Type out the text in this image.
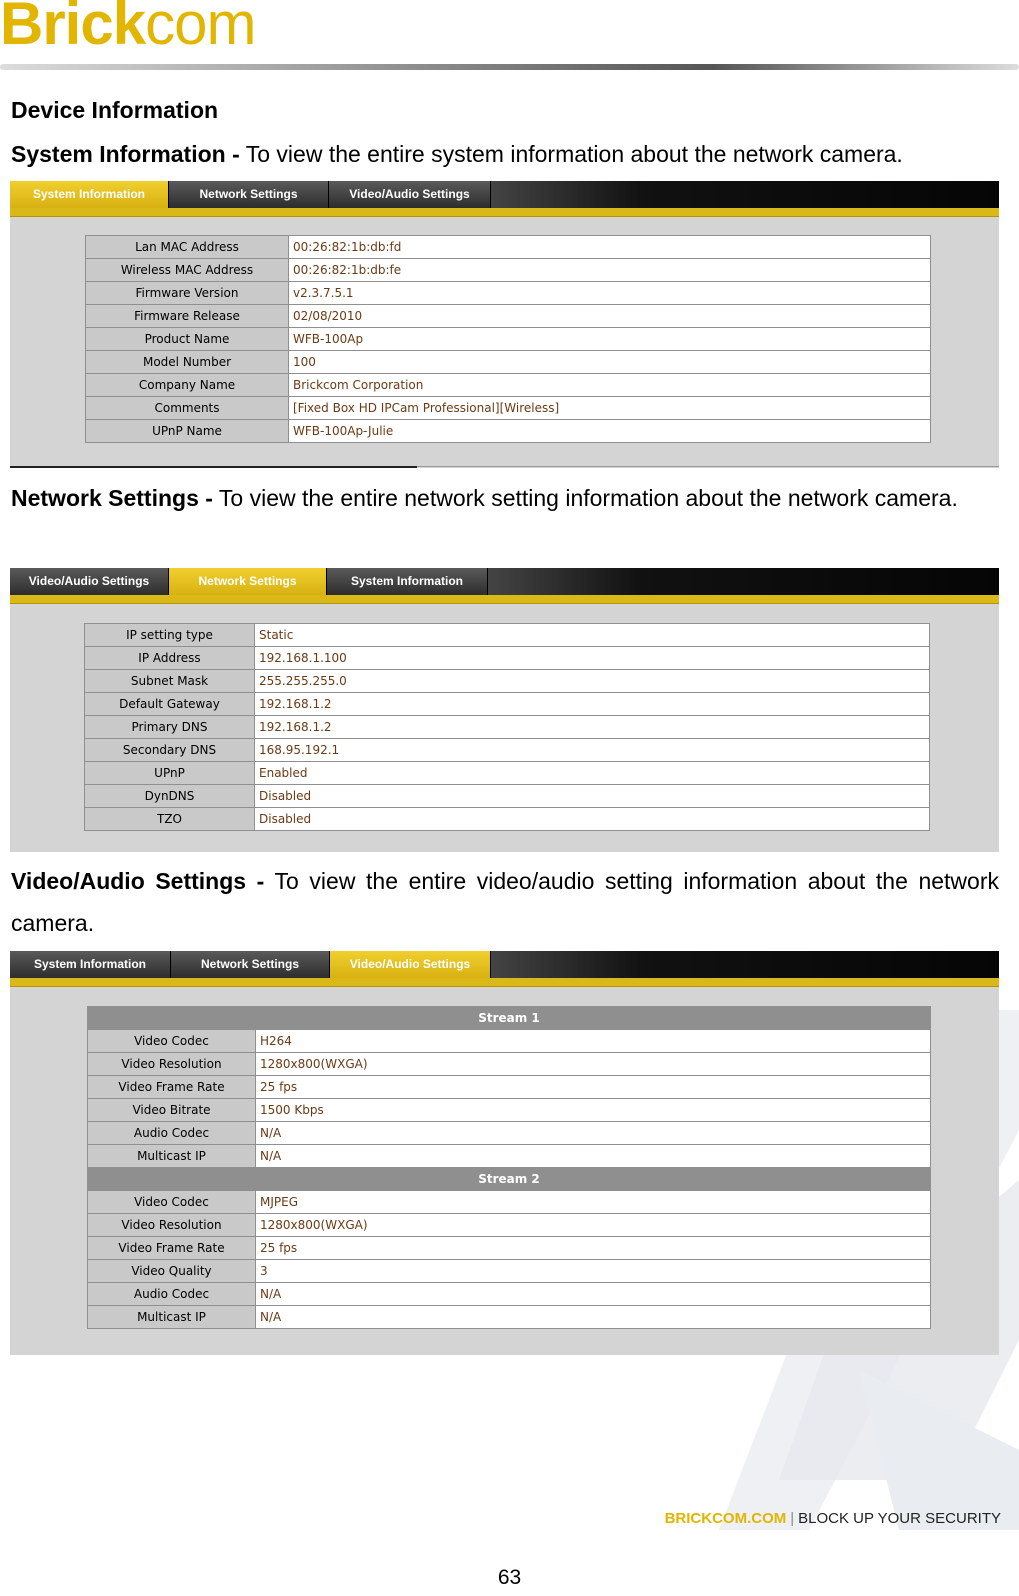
Brickcom
Device Information
System Information - To view the entire system information about the network camera.
System Information	Network Settings	Video/Audio Settings
Lan MAC Address	00:26:82:1b:db:fd
Wireless MAC Address	00:26:82:1b:db:fe
Firmware Version	v2.3.7.5.1
Firmware Release	02/08/2010
Product Name	WFB-100Ap
Model Number	100
Company Name	Brickcom Corporation
Comments	[Fixed Box HD IPCam Professional][Wireless]
UPnP Name	WFB-100Ap-Julie
Network Settings - To view the entire network setting information about the network camera.
Video/Audio Settings	Network Settings	System Information
IP setting type	Static
IP Address	192.168.1.100
Subnet Mask	255.255.255.0
Default Gateway	192.168.1.2
Primary DNS	192.168.1.2
Secondary DNS	168.95.192.1
UPnP	Enabled
DynDNS	Disabled
TZO	Disabled
Video/Audio Settings - To view the entire video/audio setting information about the network camera.
System Information	Network Settings	Video/Audio Settings
Stream 1	
Video Codec	H264
Video Resolution	1280x800(WXGA)
Video Frame Rate	25 fps
Video Bitrate	1500 Kbps
Audio Codec	N/A
Multicast IP	N/A
Stream 2	
Video Codec	MJPEG
Video Resolution	1280x800(WXGA)
Video Frame Rate	25 fps
Video Quality	3
Audio Codec	N/A
Multicast IP	N/A
BRICKCOM.COM | BLOCK UP YOUR SECURITY
63
